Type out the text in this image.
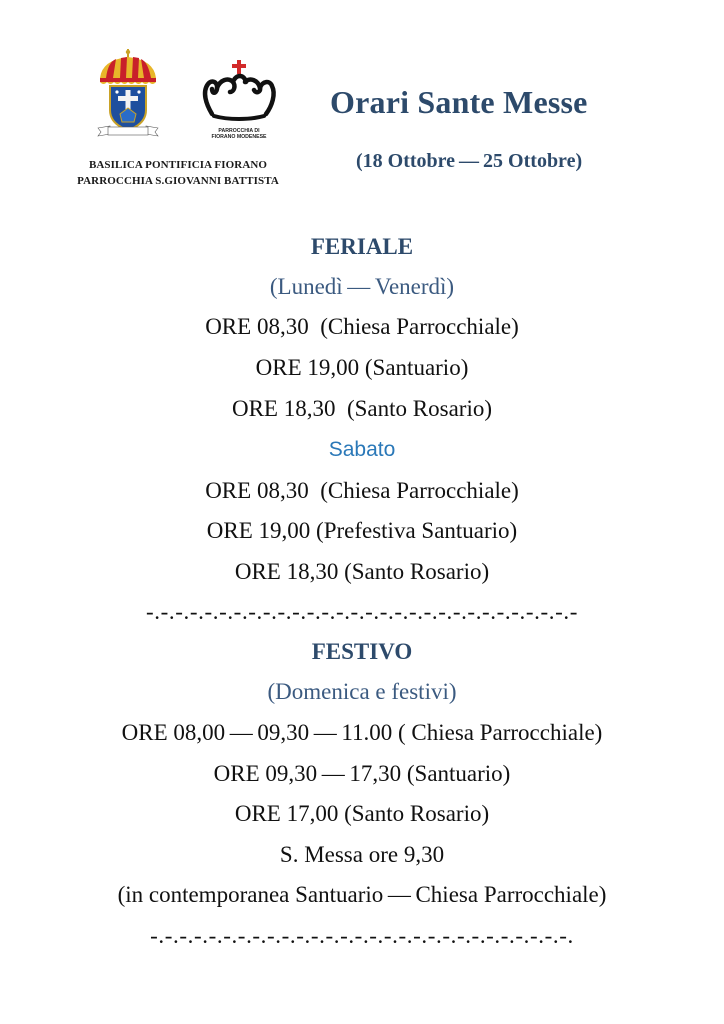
PARROCCHIA DI
FIORANO MODENESE
BASILICA PONTIFICIA FIORANO
PARROCCHIA S.GIOVANNI BATTISTA
Orari Sante Messe
(18 Ottobre — 25 Ottobre)
FERIALE
(Lunedì — Venerdì)
ORE 08,30  (Chiesa Parrocchiale)
ORE 19,00 (Santuario)
ORE 18,30  (Santo Rosario)
Sabato
ORE 08,30  (Chiesa Parrocchiale)
ORE 19,00 (Prefestiva Santuario)
ORE 18,30 (Santo Rosario)
-.-.-.-.-.-.-.-.-.-.-.-.-.-.-.-.-.-.-.-.-.-.-.-.-.-.-.-.-.-
FESTIVO
(Domenica e festivi)
ORE 08,00 — 09,30 — 11.00 ( Chiesa Parrocchiale)
ORE 09,30 — 17,30 (Santuario)
ORE 17,00 (Santo Rosario)
S. Messa ore 9,30
(in contemporanea Santuario — Chiesa Parrocchiale)
-.-.-.-.-.-.-.-.-.-.-.-.-.-.-.-.-.-.-.-.-.-.-.-.-.-.-.-.-.
